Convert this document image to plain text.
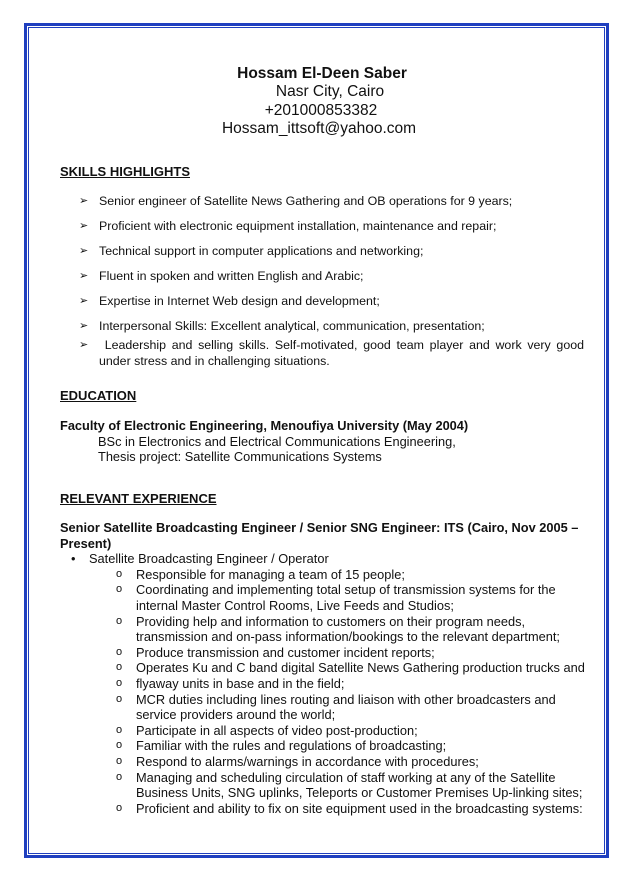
Hossam El-Deen Saber
Nasr City, Cairo
+201000853382
Hossam_ittsoft@yahoo.com
SKILLS HIGHLIGHTS
➢ Senior engineer of Satellite News Gathering and OB operations for 9 years;
➢ Proficient with electronic equipment installation, maintenance and repair;
➢ Technical support in computer applications and networking;
➢ Fluent in spoken and written English and Arabic;
➢ Expertise in Internet Web design and development;
➢ Interpersonal Skills: Excellent analytical, communication, presentation;
➢ Leadership and selling skills. Self-motivated, good team player and work very good under stress and in challenging situations.
EDUCATION
Faculty of Electronic Engineering, Menoufiya University (May 2004)
BSc in Electronics and Electrical Communications Engineering,
Thesis project: Satellite Communications Systems
RELEVANT EXPERIENCE
Senior Satellite Broadcasting Engineer / Senior SNG Engineer: ITS (Cairo, Nov 2005 – Present)
• Satellite Broadcasting Engineer / Operator
o Responsible for managing a team of 15 people;
o Coordinating and implementing total setup of transmission systems for the internal Master Control Rooms, Live Feeds and Studios;
o Providing help and information to customers on their program needs, transmission and on-pass information/bookings to the relevant department;
o Produce transmission and customer incident reports;
o Operates Ku and C band digital Satellite News Gathering production trucks and
o flyaway units in base and in the field;
o MCR duties including lines routing and liaison with other broadcasters and service providers around the world;
o Participate in all aspects of video post-production;
o Familiar with the rules and regulations of broadcasting;
o Respond to alarms/warnings in accordance with procedures;
o Managing and scheduling circulation of staff working at any of the Satellite Business Units, SNG uplinks, Teleports or Customer Premises Up-linking sites;
o Proficient and ability to fix on site equipment used in the broadcasting systems:
